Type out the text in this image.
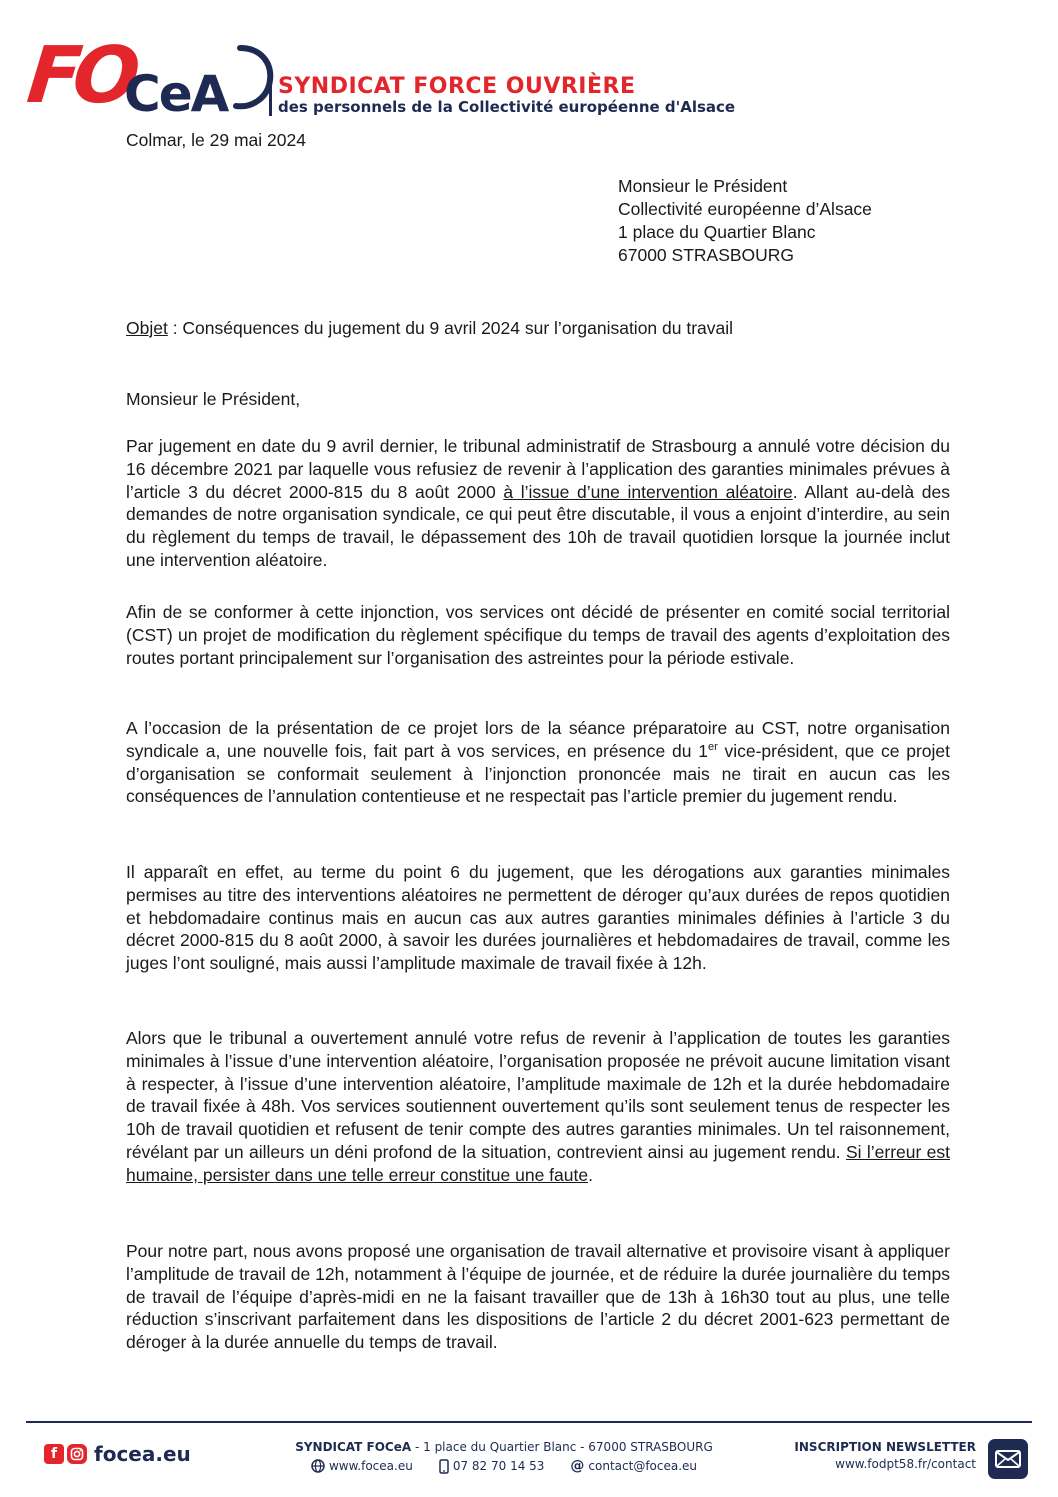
FO
CeA SYNDICAT FORCE OUVRIÈRE
des personnels de la Collectivité européenne d'Alsace
Colmar, le 29 mai 2024
Monsieur le Président
Collectivité européenne d’Alsace
1 place du Quartier Blanc
67000 STRASBOURG
Objet : Conséquences du jugement du 9 avril 2024 sur l’organisation du travail
Monsieur le Président,
Par jugement en date du 9 avril dernier, le tribunal administratif de Strasbourg a annulé votre décision du 16 décembre 2021 par laquelle vous refusiez de revenir à l’application des garanties minimales prévues à l’article 3 du décret 2000-815 du 8 août 2000 à l’issue d’une intervention aléatoire. Allant au-delà des demandes de notre organisation syndicale, ce qui peut être discutable, il vous a enjoint d’interdire, au sein du règlement du temps de travail, le dépassement des 10h de travail quotidien lorsque la journée inclut une intervention aléatoire.
Afin de se conformer à cette injonction, vos services ont décidé de présenter en comité social territorial (CST) un projet de modification du règlement spécifique du temps de travail des agents d’exploitation des routes portant principalement sur l’organisation des astreintes pour la période estivale.
A l’occasion de la présentation de ce projet lors de la séance préparatoire au CST, notre organisation syndicale a, une nouvelle fois, fait part à vos services, en présence du 1er vice-président, que ce projet d’organisation se conformait seulement à l’injonction prononcée mais ne tirait en aucun cas les conséquences de l’annulation contentieuse et ne respectait pas l’article premier du jugement rendu.
Il apparaît en effet, au terme du point 6 du jugement, que les dérogations aux garanties minimales permises au titre des interventions aléatoires ne permettent de déroger qu’aux durées de repos quotidien et hebdomadaire continus mais en aucun cas aux autres garanties minimales définies à l’article 3 du décret 2000-815 du 8 août 2000, à savoir les durées journalières et hebdomadaires de travail, comme les juges l’ont souligné, mais aussi l’amplitude maximale de travail fixée à 12h.
Alors que le tribunal a ouvertement annulé votre refus de revenir à l’application de toutes les garanties minimales à l’issue d’une intervention aléatoire, l’organisation proposée ne prévoit aucune limitation visant à respecter, à l’issue d’une intervention aléatoire, l’amplitude maximale de 12h et la durée hebdomadaire de travail fixée à 48h. Vos services soutiennent ouvertement qu’ils sont seulement tenus de respecter les 10h de travail quotidien et refusent de tenir compte des autres garanties minimales. Un tel raisonnement, révélant par un ailleurs un déni profond de la situation, contrevient ainsi au jugement rendu. Si l’erreur est humaine, persister dans une telle erreur constitue une faute.
Pour notre part, nous avons proposé une organisation de travail alternative et provisoire visant à appliquer l’amplitude de travail de 12h, notamment à l’équipe de journée, et de réduire la durée journalière du temps de travail de l’équipe d’après-midi en ne la faisant travailler que de 13h à 16h30 tout au plus, une telle réduction s’inscrivant parfaitement dans les dispositions de l’article 2 du décret 2001-623 permettant de déroger à la durée annuelle du temps de travail.
f	focea.eu	SYNDICAT FOCeA - 1 place du Quartier Blanc - 67000 STRASBOURG
www.focea.eu	07 82 70 14 53 @ contact@focea.eu
INSCRIPTION NEWSLETTER
www.fodpt58.fr/contact
